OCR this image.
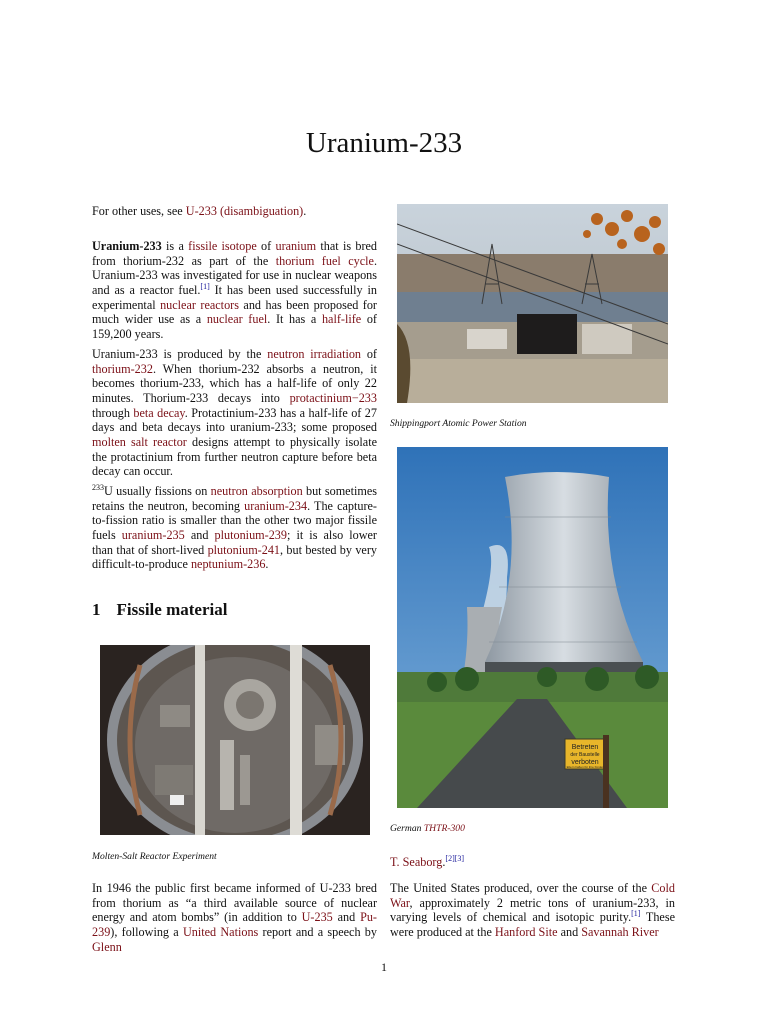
Uranium-233

For other uses, see U-233 (disambiguation).

Uranium-233 is a fissile isotope of uranium that is bred from thorium-232 as part of the thorium fuel cycle. Uranium-233 was investigated for use in nuclear weapons and as a reactor fuel.[1] It has been used successfully in experimental nuclear reactors and has been proposed for much wider use as a nuclear fuel. It has a half-life of 159,200 years.

Uranium-233 is produced by the neutron irradiation of thorium-232. When thorium-232 absorbs a neutron, it becomes thorium-233, which has a half-life of only 22 minutes. Thorium-233 decays into protactinium−233 through beta decay. Protactinium-233 has a half-life of 27 days and beta decays into uranium-233; some proposed molten salt reactor designs attempt to physically isolate the protactinium from further neutron capture before beta decay can occur.

$^{233}$U usually fissions on neutron absorption but sometimes retains the neutron, becoming uranium-234. The capture-to-fission ratio is smaller than the other two major fissile fuels uranium-235 and plutonium-239; it is also lower than that of short-lived plutonium-241, but bested by very difficult-to-produce neptunium-236.

1 Fissile material
Molten-Salt Reactor Experiment

In 1946 the public first became informed of U-233 bred from thorium as “a third available source of nuclear energy and atom bombs” (in addition to U-235 and Pu-239), following a United Nations report and a speech by Glenn

Shippingport Atomic Power Station
Betreten
der Baustelle
verboten
Eltern haften für ihre Kinder
German THTR-300

T. Seaborg.[2][3]

The United States produced, over the course of the Cold War, approximately 2 metric tons of uranium-233, in varying levels of chemical and isotopic purity.[1] These were produced at the Hanford Site and Savannah River

1
